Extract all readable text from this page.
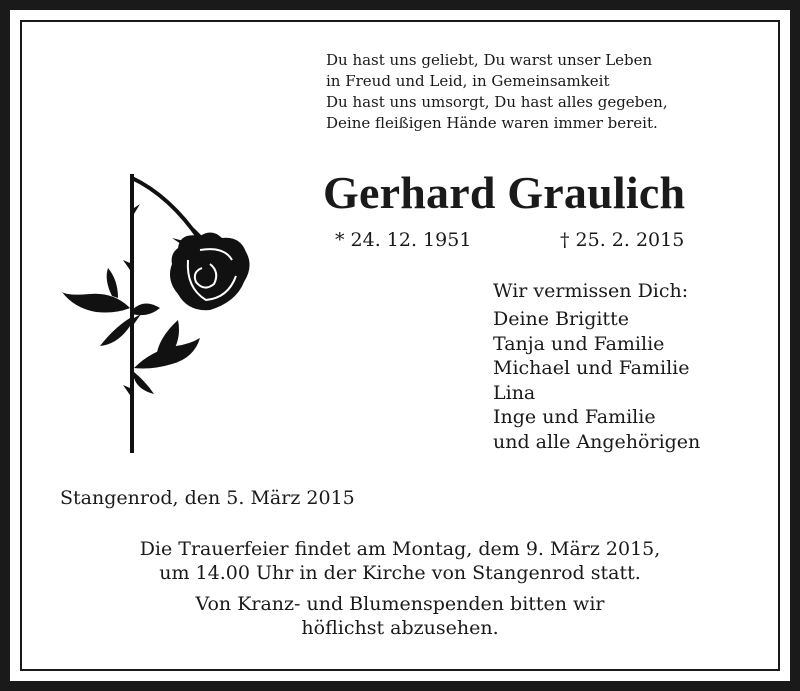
Du hast uns geliebt, Du warst unser Leben
in Freud und Leid, in Gemeinsamkeit
Du hast uns umsorgt, Du hast alles gegeben,
Deine fleißigen Hände waren immer bereit.
Gerhard Graulich
* 24. 12. 1951	† 25. 2. 2015
Wir vermissen Dich:
Deine Brigitte
Tanja und Familie
Michael und Familie
Lina
Inge und Familie
und alle Angehörigen
Stangenrod, den 5. März 2015
Die Trauerfeier findet am Montag, dem 9. März 2015,
um 14.00 Uhr in der Kirche von Stangenrod statt.
Von Kranz- und Blumenspenden bitten wir
höflichst abzusehen.
